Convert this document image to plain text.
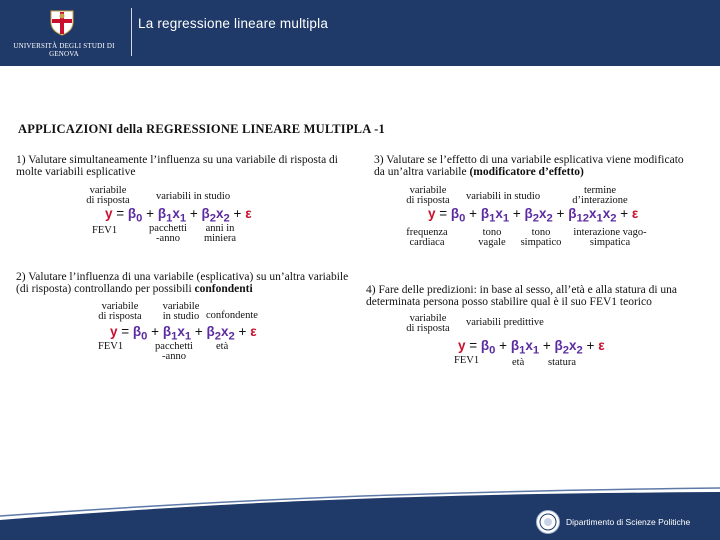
UNIVERSITÀ DEGLI STUDI DI GENOVA
La regressione lineare multipla
APPLICAZIONI della REGRESSIONE LINEARE MULTIPLA -1
1) Valutare simultaneamente l’influenza su una variabile di risposta di
molte variabili esplicative
variabile
di risposta	variabili in studio
$y = \beta_0 + \beta_1x_1 + \beta_2x_2 + \varepsilon$
FEV1	pacchetti
-anno
anni in
miniera
3) Valutare se l’effetto di una variabile esplicativa viene modificato
da un’altra variabile (modificatore d’effetto)
variabile
di risposta	variabili in studio
termine
d’interazione
$y = \beta_0 + \beta_1x_1 + \beta_2x_2 + \beta_{12}x_1x_2 + \varepsilon$
frequenza
cardiaca
tono
vagale
tono
simpatico
interazione vago-
simpatica
2) Valutare l’influenza di una variabile (esplicativa) su un’altra variabile
(di risposta) controllando per possibili confondenti
variabile
di risposta
variabile
in studio confondente
$y = \beta_0 + \beta_1x_1 + \beta_2x_2 + \varepsilon$
FEV1	pacchetti
-anno
età
4) Fare delle predizioni: in base al sesso, all’età e alla statura di una
determinata persona posso stabilire qual è il suo FEV1 teorico
variabile
di risposta
variabili predittive
$y = \beta_0 + \beta_1x_1 + \beta_2x_2 + \varepsilon$
FEV1	età statura
Dipartimento di Scienze Politiche
